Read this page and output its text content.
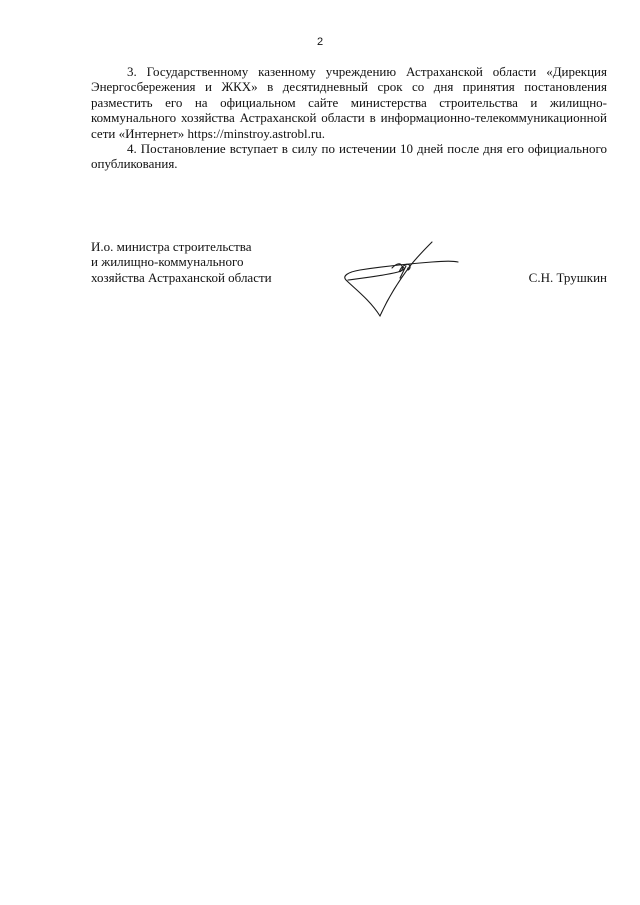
2

3. Государственному казенному учреждению Астраханской области «Дирекция Энергосбережения и ЖКХ» в десятидневный срок со дня принятия постановления разместить его на официальном сайте министерства строительства и жилищно-коммунального хозяйства Астраханской области в информационно-телекоммуникационной сети «Интернет» https://minstroy.astrobl.ru.

4. Постановление вступает в силу по истечении 10 дней после дня его официального опубликования.

И.о. министра строительства
и жилищно-коммунального
хозяйства Астраханской области	С.Н. Трушкин
